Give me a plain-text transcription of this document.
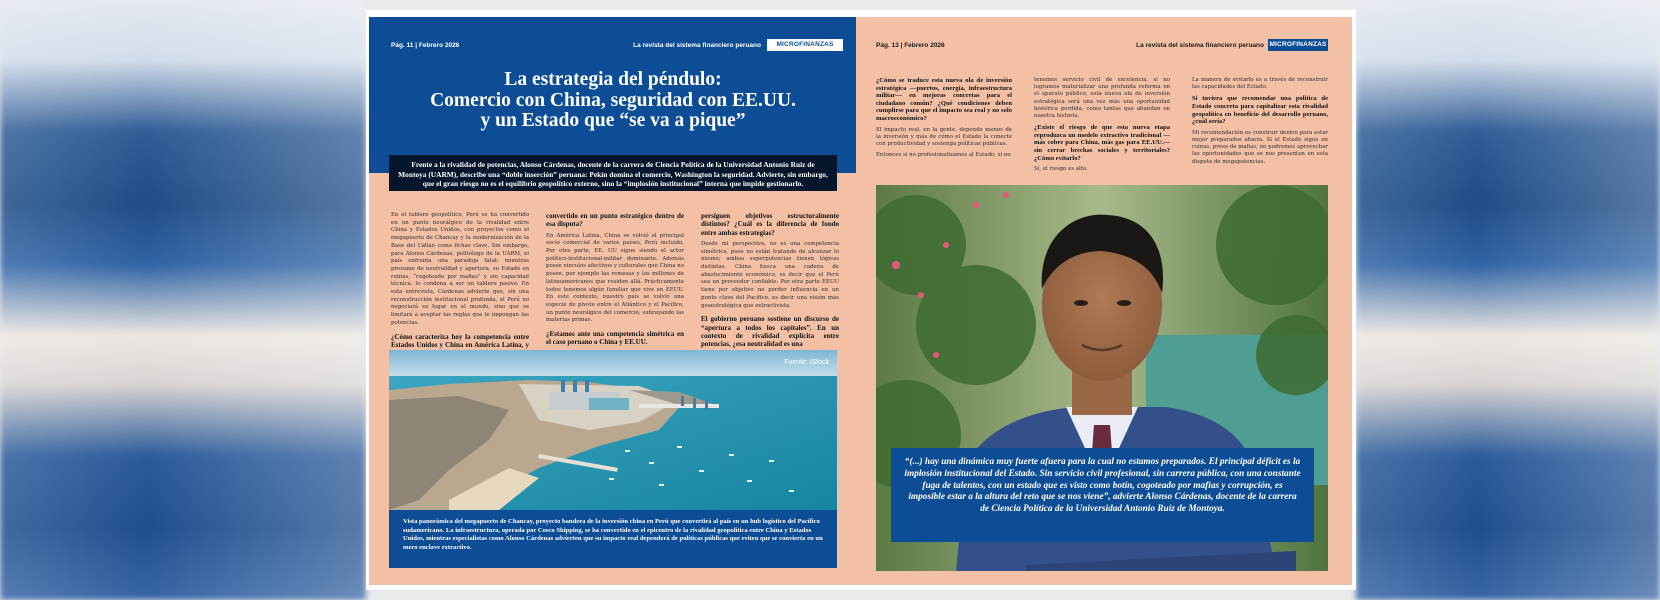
Pág. 11 | Febrero 2026	La revista del sistema financiero peruano	MICROFINANZAS
La estrategia del péndulo:
Comercio con China, seguridad con EE.UU.
y un Estado que “se va a pique”
Frente a la rivalidad de potencias, Alonso Cárdenas, docente de la carrera de Ciencia Política de la Universidad Antonio Ruiz de Montoya (UARM), describe una “doble inserción” peruana: Pekín domina el comercio, Washington la seguridad. Advierte, sin embargo, que el gran riesgo no es el equilibrio geopolítico externo, sino la “implosión institucional” interna que impide gestionarlo.

En el tablero geopolítico, Perú se ha convertido en un punto neurálgico de la rivalidad entre China y Estados Unidos, con proyectos como el megapuerto de Chancay y la modernización de la Base del Callao como fichas clave. Sin embargo, para Alonso Cárdenas, politólogo de la UARM, el país enfrenta una paradoja fatal: mientras presume de neutralidad y apertura, su Estado en ruinas, “cogoteado por mafias” y sin capacidad técnica, lo condena a ser un tablero pasivo. En esta entrevista, Cárdenas advierte que, sin una reconstrucción institucional profunda, el Perú no negociará su lugar en el mundo, sino que se limitará a aceptar las reglas que le impongan las potencias.

¿Cómo caracteriza hoy la competencia entre Estados Unidos y China en América Latina, y
convertido en un punto estratégico dentro de esa disputa?

En América Latina, China se volvió el principal socio comercial de varios países, Perú incluido. Por otra parte, EE. UU sigue siendo el actor político-institucional-militar dominante. Además posee vínculos afectivos y culturales que China no posee, por ejemplo las remesas y los millones de latinoamericanos que residen allá. Prácticamente todos tenemos algún familiar que vive en EEUU. En este contexto, nuestro país se volvió una especie de pivote entre el Atlántico y el Pacífico, un punto neurálgico del comercio, subrayando las materias primas.

¿Estamos ante una competencia simétrica en el caso peruano o China y EE.UU.
persiguen objetivos estructuralmente distintos? ¿Cuál es la diferencia de fondo entre ambas estrategias?

Desde mi perspectiva, no es una competencia simétrica, pues no están tratando de alcanzar lo mismo; ambas superpotencias tienen lógicas distintas. China busca una cadena de abastecimiento económico, es decir que el Perú sea un proveedor confiable. Por otra parte EEUU tiene por objetivo no perder influencia en un punto clave del Pacífico, es decir una visión más geoestratégica que extractivista.

El gobierno peruano sostiene un discurso de “apertura a todos los capitales”. En un contexto de rivalidad explícita entre potencias, ¿esa neutralidad es una
Fuente: iStock
Vista panorámica del megapuerto de Chancay, proyecto bandera de la inversión china en Perú que convertirá al país en un hub logístico del Pacífico sudamericano. La infraestructura, operada por Cosco Shipping, se ha convertido en el epicentro de la rivalidad geopolítica entre China y Estados Unidos, mientras especialistas como Alonso Cárdenas advierten que su impacto real dependerá de políticas públicas que eviten que se convierta en un mero enclave extractivo.
Pág. 13 | Febrero 2026	La revista del sistema financiero peruano MICROFINANZAS
¿Cómo se traduce esta nueva ola de inversión estratégica —puertos, energía, infraestructura militar— en mejoras concretas para el ciudadano común? ¿Qué condiciones deben cumplirse para que el impacto sea real y no solo macroeconómico?

El impacto real, en la gente, depende menos de la inversión y más de cómo el Estado la conecte con productividad y sostenga políticas públicas.

Entonces si no profesionalizamos al Estado, si no

tenemos servicio civil de excelencia, si no logramos materializar una profunda reforma en el aparato público, esta nueva ola de inversión estratégica será una vez más una oportunidad histórica perdida, como tantas que abundan en nuestra historia.

¿Existe el riesgo de que esta nueva etapa reproduzca un modelo extractivo tradicional —más cobre para China, más gas para EE.UU.— sin cerrar brechas sociales y territoriales? ¿Cómo evitarlo?

Sí, el riesgo es alto.

La manera de evitarlo es a través de reconstruir las capacidades del Estado.

Si tuviera que recomendar una política de Estado concreta para capitalizar esta rivalidad geopolítica en beneficio del desarrollo peruano, ¿cuál sería?

Mi recomendación es construir dentro para estar mejor preparados afuera. Si el Estado sigue en ruinas, preso de mafias, no podremos aprovechar las oportunidades que se nos presentan en esta disputa de megapotencias.

“(...) hay una dinámica muy fuerte afuera para la cual no estamos preparados. El principal déficit es la implosión institucional del Estado. Sin servicio civil profesional, sin carrera pública, con una constante fuga de talentos, con un estado que es visto como botín, cogoteado por mafias y corrupción, es imposible estar a la altura del reto que se nos viene”, advierte Alonso Cárdenas, docente de la carrera de Ciencia Política de la Universidad Antonio Ruiz de Montoya.
